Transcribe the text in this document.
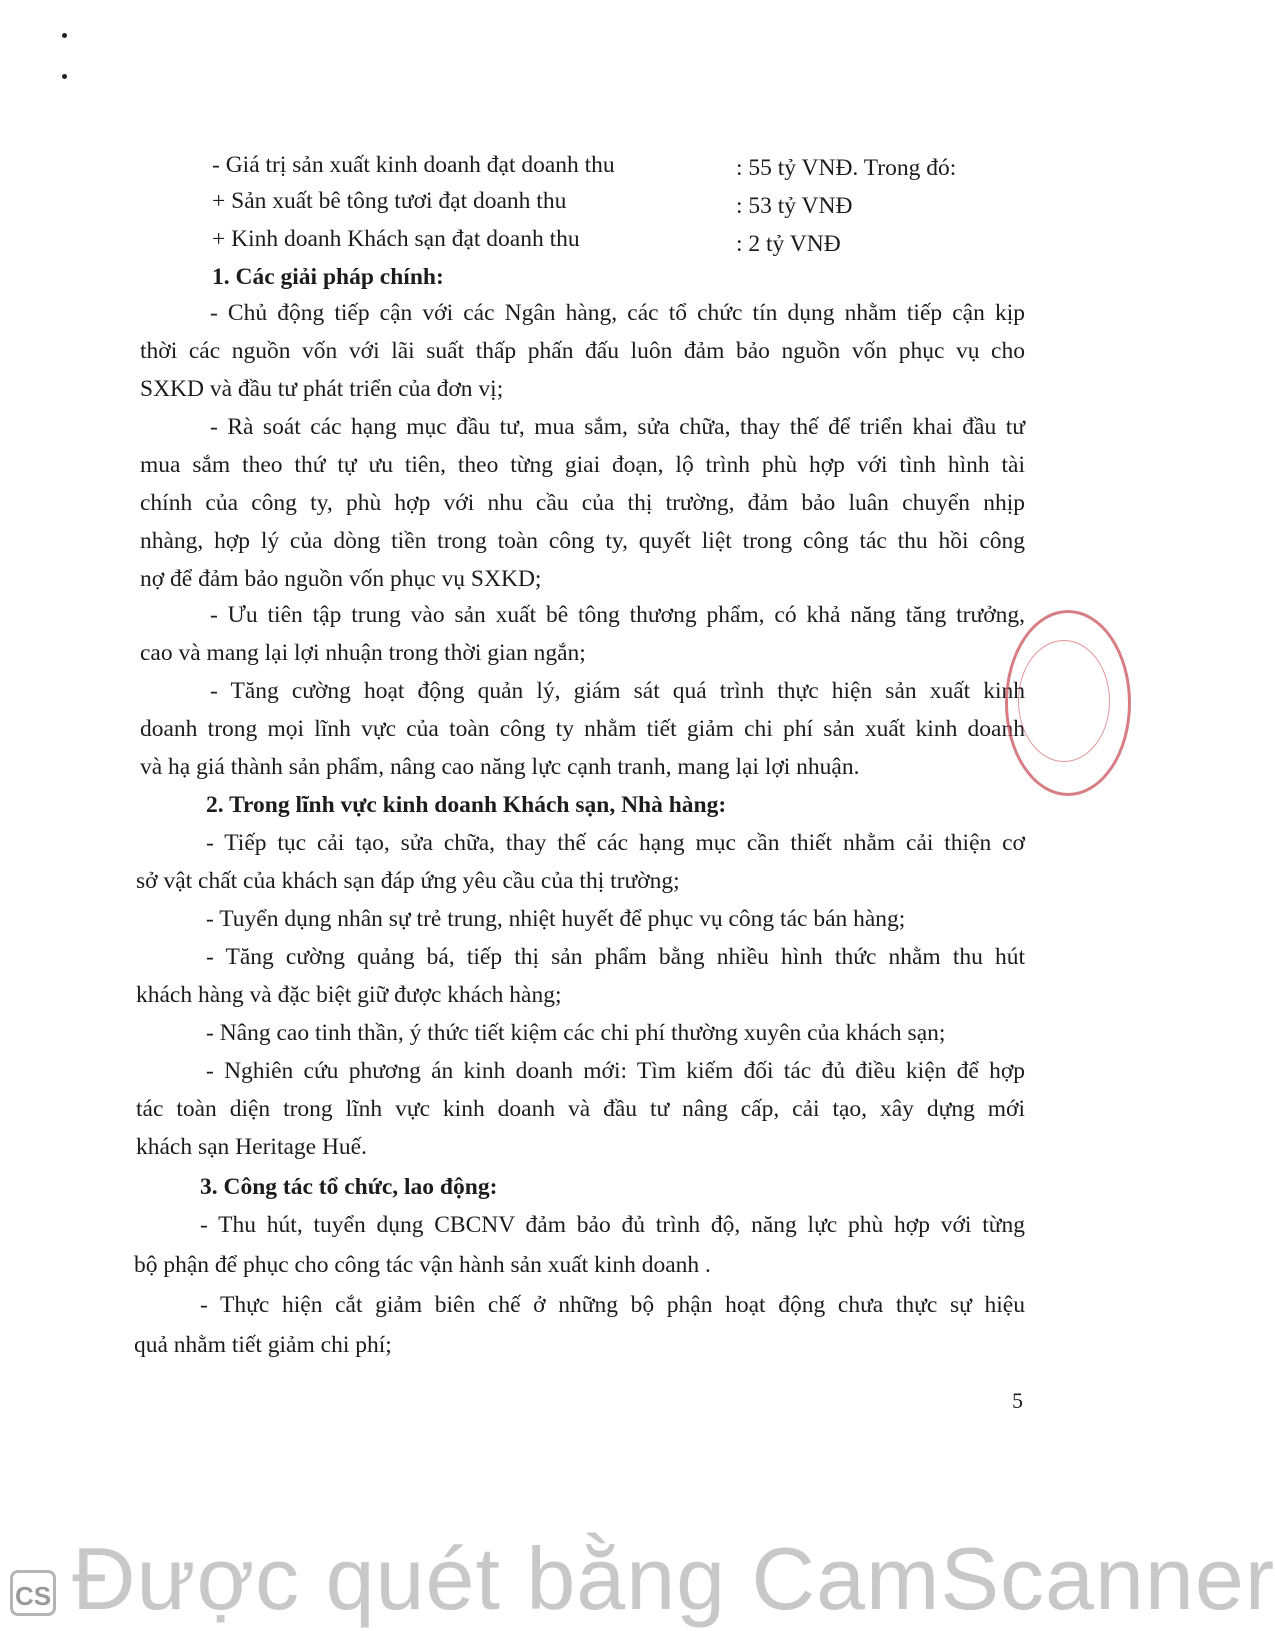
- Giá trị sản xuất kinh doanh đạt doanh thu	: 55 tỷ VNĐ. Trong đó:
+ Sản xuất bê tông tươi đạt doanh thu	: 53 tỷ VNĐ
+ Kinh doanh Khách sạn đạt doanh thu	: 2 tỷ VNĐ
1. Các giải pháp chính:
- Chủ động tiếp cận với các Ngân hàng, các tổ chức tín dụng nhằm tiếp cận kịp
thời các nguồn vốn với lãi suất thấp phấn đấu luôn đảm bảo nguồn vốn phục vụ cho
SXKD và đầu tư phát triển của đơn vị;
- Rà soát các hạng mục đầu tư, mua sắm, sửa chữa, thay thế để triển khai đầu tư
mua sắm theo thứ tự ưu tiên, theo từng giai đoạn, lộ trình phù hợp với tình hình tài
chính của công ty, phù hợp với nhu cầu của thị trường, đảm bảo luân chuyển nhịp
nhàng, hợp lý của dòng tiền trong toàn công ty, quyết liệt trong công tác thu hồi công
nợ để đảm bảo nguồn vốn phục vụ SXKD;
- Ưu tiên tập trung vào sản xuất bê tông thương phẩm, có khả năng tăng trưởng,
cao và mang lại lợi nhuận trong thời gian ngắn;
- Tăng cường hoạt động quản lý, giám sát quá trình thực hiện sản xuất kinh
doanh trong mọi lĩnh vực của toàn công ty nhằm tiết giảm chi phí sản xuất kinh doanh
và hạ giá thành sản phẩm, nâng cao năng lực cạnh tranh, mang lại lợi nhuận.
2. Trong lĩnh vực kinh doanh Khách sạn, Nhà hàng:
- Tiếp tục cải tạo, sửa chữa, thay thế các hạng mục cần thiết nhằm cải thiện cơ
sở vật chất của khách sạn đáp ứng yêu cầu của thị trường;
- Tuyển dụng nhân sự trẻ trung, nhiệt huyết để phục vụ công tác bán hàng;
- Tăng cường quảng bá, tiếp thị sản phẩm bằng nhiều hình thức nhằm thu hút
khách hàng và đặc biệt giữ được khách hàng;
- Nâng cao tinh thần, ý thức tiết kiệm các chi phí thường xuyên của khách sạn;
- Nghiên cứu phương án kinh doanh mới: Tìm kiếm đối tác đủ điều kiện để hợp
tác toàn diện trong lĩnh vực kinh doanh và đầu tư nâng cấp, cải tạo, xây dựng mới
khách sạn Heritage Huế.
3. Công tác tổ chức, lao động:
- Thu hút, tuyển dụng CBCNV đảm bảo đủ trình độ, năng lực phù hợp với từng
bộ phận để phục cho công tác vận hành sản xuất kinh doanh .
- Thực hiện cắt giảm biên chế ở những bộ phận hoạt động chưa thực sự hiệu
quả nhằm tiết giảm chi phí;
5
CS Được quét bằng CamScanner
